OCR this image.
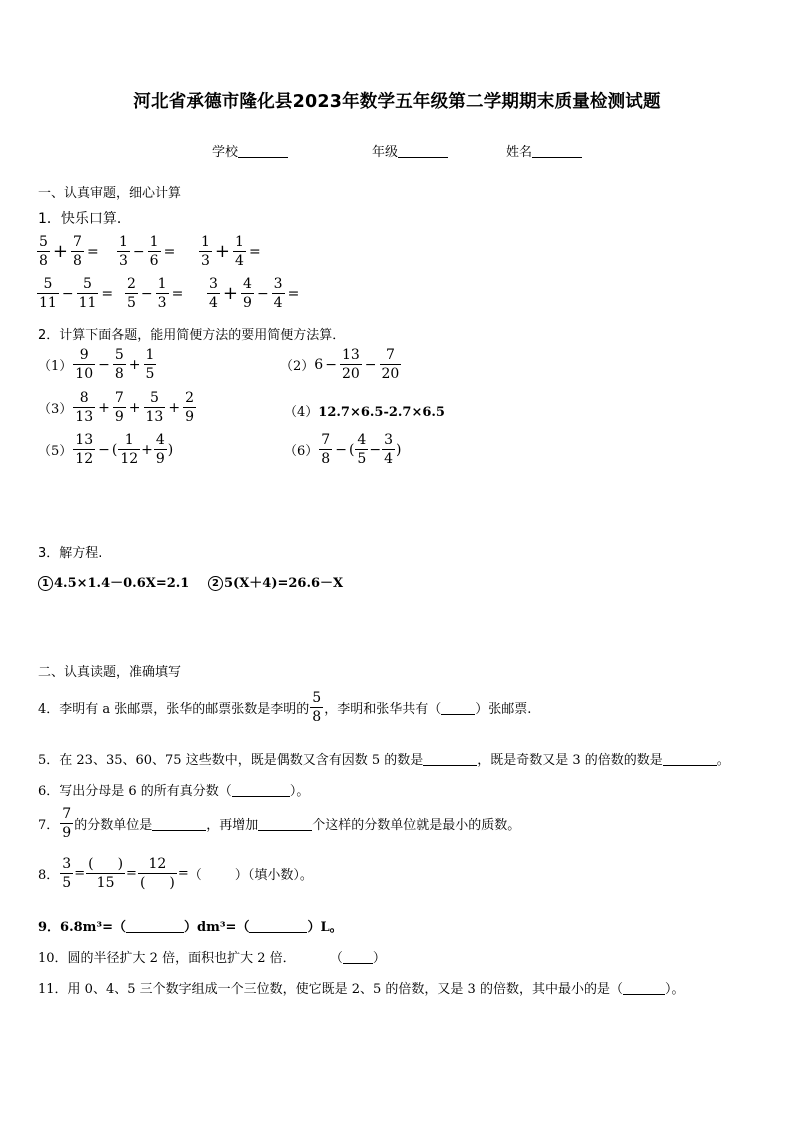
河北省承德市隆化县2023年数学五年级第二学期期末质量检测试题
学校	年级	姓名
一、认真审题，细心计算
1．快乐口算．
$\frac{5}{8} + \frac{7}{8} = \frac{1}{3} - \frac{1}{6} = \frac{1}{3} + \frac{1}{4}$ =
$\frac{5}{11} - \frac{5}{11} = \frac{2}{5} - \frac{1}{3} = \frac{3}{4} + \frac{4}{9} - \frac{3}{4}$ =
2．计算下面各题，能用简便方法的要用简便方法算．
$(1) \frac{9}{10} - \frac{5}{8} + \frac{1}{5}$	（2） $6 - \frac{13}{20} - \frac{7}{20}$
$(3) \frac{8}{13} + \frac{7}{9} + \frac{5}{13} + \frac{2}{9}$	（4）12.7×6.5-2.7×6.5
$(5) \frac{13}{12}$ − ( $\frac{1}{12} + \frac{4}{9}$ )	$(6) \frac{7}{8}$ − ( $\frac{4}{5} - \frac{3}{4}$ )
3．解方程.
1 4.5×1.4－0.6X=2.1	2 5(X＋4)=26.6－X
二、认真读题，准确填写
4．李明有 a 张邮票，张华的邮票张数是李明的 $\frac{5}{8}$ ，李明和张华共有（	）张邮票.
5．在 23、35、60、75 这些数中，既是偶数又含有因数 5 的数是	，既是奇数又是 3 的倍数的数是	。
6．写出分母是 6 的所有真分数（	）。
7． $\frac{7}{9}$ 的分数单位是	，再增加	个这样的分数单位就是最小的质数。
8． $\frac{3}{5} = \frac{( )}{15} = \frac{12}{( )}$ = （        ）（填小数）。
9．6.8m³=（	）dm³=（	）L。
10．圆的半径扩大 2 倍，面积也扩大 2 倍．	（ ）
11．用 0、4、5 三个数字组成一个三位数，使它既是 2、5 的倍数，又是 3 的倍数，其中最小的是（	）。
